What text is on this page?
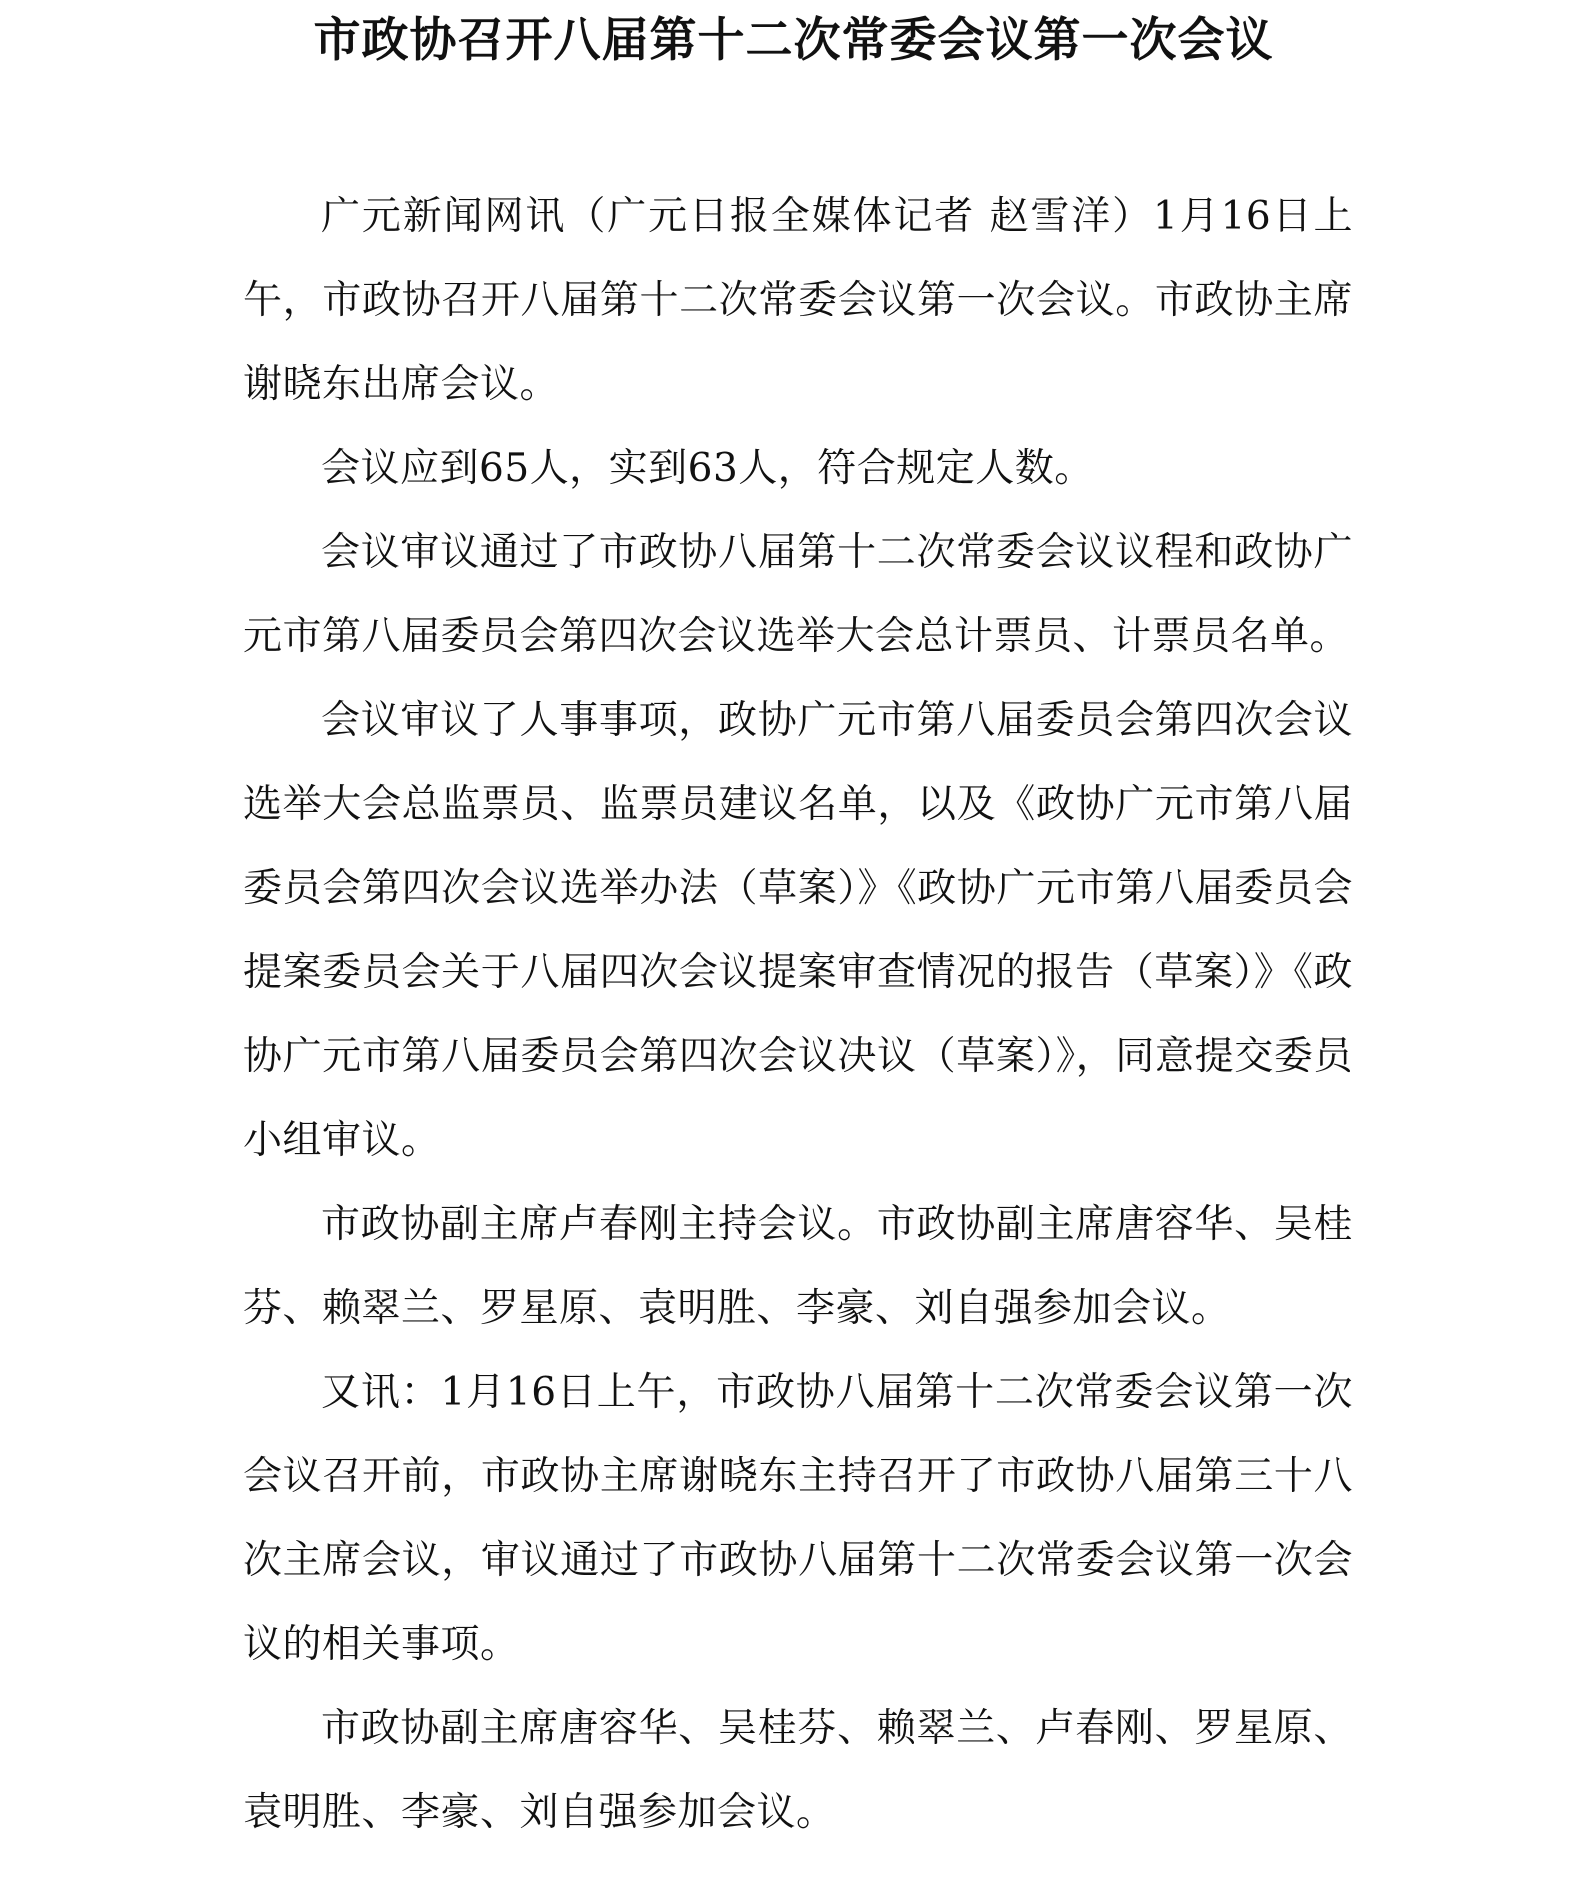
市政协召开八届第十二次常委会议第一次会议

广元新闻网讯（广元日报全媒体记者 赵雪洋）1月16日上午，市政协召开八届第十二次常委会议第一次会议。市政协主席谢晓东出席会议。

会议应到65人，实到63人，符合规定人数。

会议审议通过了市政协八届第十二次常委会议议程和政协广元市第八届委员会第四次会议选举大会总计票员、计票员名单。

会议审议了人事事项，政协广元市第八届委员会第四次会议选举大会总监票员、监票员建议名单，以及《政协广元市第八届委员会第四次会议选举办法（草案）》《政协广元市第八届委员会提案委员会关于八届四次会议提案审查情况的报告（草案）》《政协广元市第八届委员会第四次会议决议（草案）》，同意提交委员小组审议。

市政协副主席卢春刚主持会议。市政协副主席唐容华、吴桂芬、赖翠兰、罗星原、袁明胜、李豪、刘自强参加会议。

又讯：1月16日上午，市政协八届第十二次常委会议第一次会议召开前，市政协主席谢晓东主持召开了市政协八届第三十八次主席会议，审议通过了市政协八届第十二次常委会议第一次会议的相关事项。

市政协副主席唐容华、吴桂芬、赖翠兰、卢春刚、罗星原、袁明胜、李豪、刘自强参加会议。
